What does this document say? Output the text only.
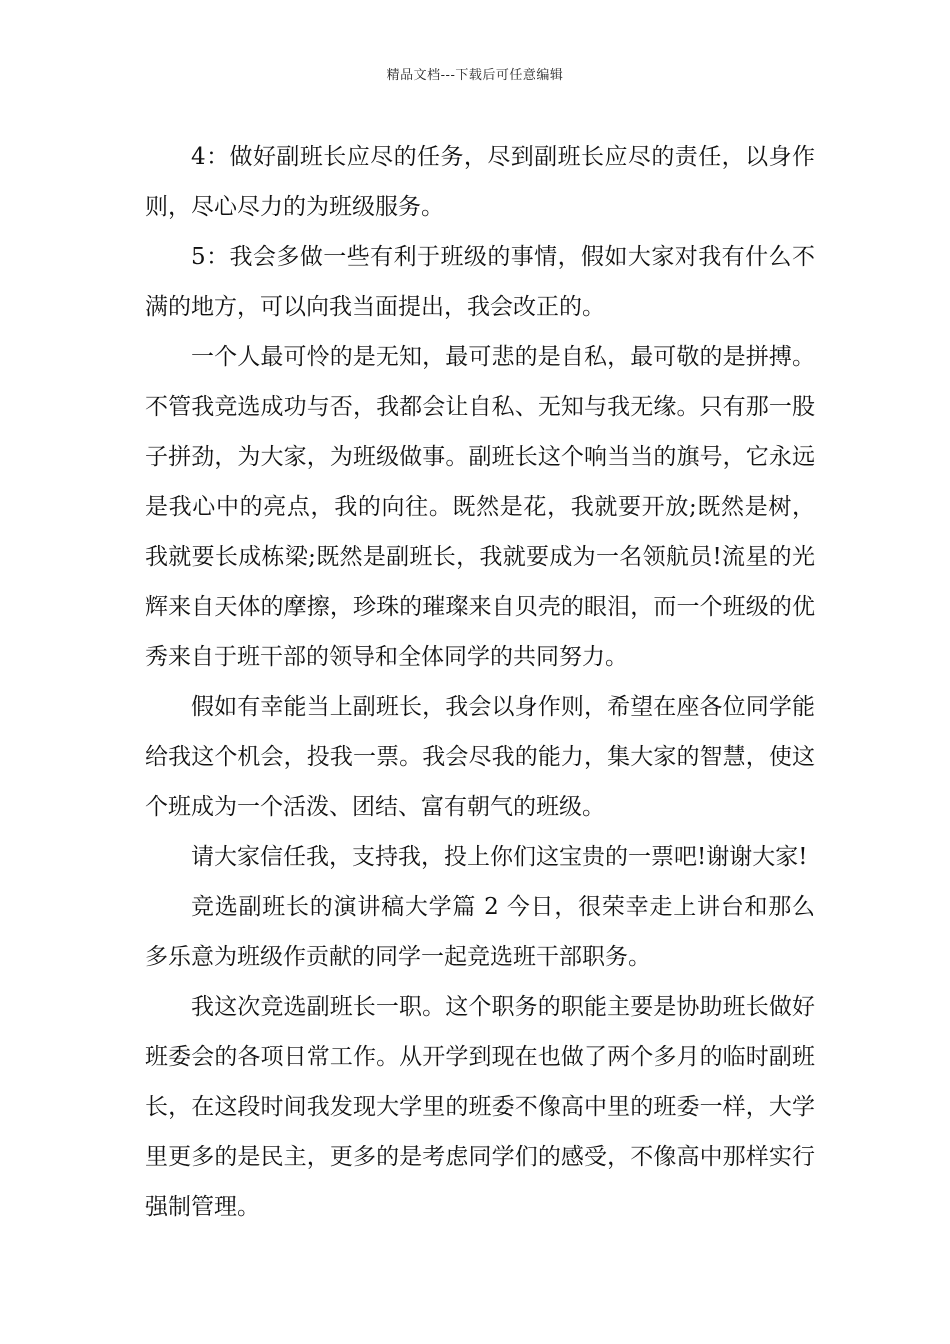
精品文档---下载后可任意编辑

4：做好副班长应尽的任务，尽到副班长应尽的责任，以身作则，尽心尽力的为班级服务。

5：我会多做一些有利于班级的事情，假如大家对我有什么不满的地方，可以向我当面提出，我会改正的。

一个人最可怜的是无知，最可悲的是自私，最可敬的是拼搏。不管我竞选成功与否，我都会让自私、无知与我无缘。只有那一股子拼劲，为大家，为班级做事。副班长这个响当当的旗号，它永远是我心中的亮点，我的向往。既然是花，我就要开放;既然是树，我就要长成栋梁;既然是副班长，我就要成为一名领航员!流星的光辉来自天体的摩擦，珍珠的璀璨来自贝壳的眼泪，而一个班级的优秀来自于班干部的领导和全体同学的共同努力。

假如有幸能当上副班长，我会以身作则，希望在座各位同学能给我这个机会，投我一票。我会尽我的能力，集大家的智慧，使这个班成为一个活泼、团结、富有朝气的班级。

请大家信任我，支持我，投上你们这宝贵的一票吧!谢谢大家!

竞选副班长的演讲稿大学篇 2 今日，很荣幸走上讲台和那么多乐意为班级作贡献的同学一起竞选班干部职务。

我这次竞选副班长一职。这个职务的职能主要是协助班长做好班委会的各项日常工作。从开学到现在也做了两个多月的临时副班长，在这段时间我发现大学里的班委不像高中里的班委一样，大学里更多的是民主，更多的是考虑同学们的感受，不像高中那样实行强制管理。
